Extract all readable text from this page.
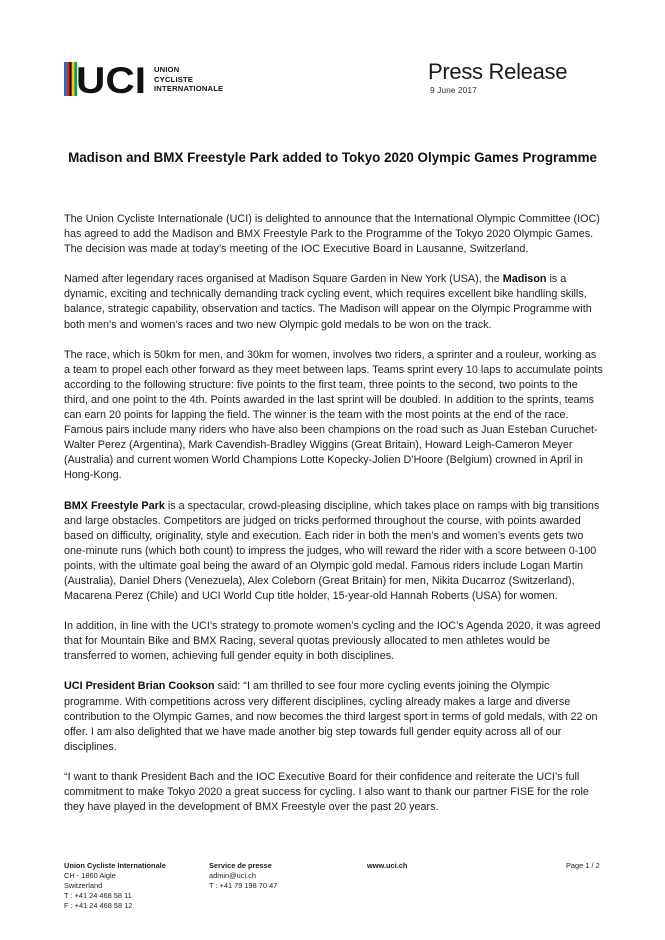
UCI UNION
CYCLISTE
INTERNATIONALE
Press Release
9 June 2017
Madison and BMX Freestyle Park added to Tokyo 2020 Olympic Games Programme

The Union Cycliste Internationale (UCI) is delighted to announce that the International Olympic Committee (IOC) has agreed to add the Madison and BMX Freestyle Park to the Programme of the Tokyo 2020 Olympic Games. The decision was made at today’s meeting of the IOC Executive Board in Lausanne, Switzerland.

Named after legendary races organised at Madison Square Garden in New York (USA), the Madison is a dynamic, exciting and technically demanding track cycling event, which requires excellent bike handling skills, balance, strategic capability, observation and tactics. The Madison will appear on the Olympic Programme with both men’s and women’s races and two new Olympic gold medals to be won on the track.

The race, which is 50km for men, and 30km for women, involves two riders, a sprinter and a rouleur, working as a team to propel each other forward as they meet between laps. Teams sprint every 10 laps to accumulate points according to the following structure: five points to the first team, three points to the second, two points to the third, and one point to the 4th. Points awarded in the last sprint will be doubled. In addition to the sprints, teams can earn 20 points for lapping the field. The winner is the team with the most points at the end of the race. Famous pairs include many riders who have also been champions on the road such as Juan Esteban Curuchet-Walter Perez (Argentina), Mark Cavendish-Bradley Wiggins (Great Britain), Howard Leigh-Cameron Meyer (Australia) and current women World Champions Lotte Kopecky-Jolien D’Hoore (Belgium) crowned in April in Hong-Kong.

BMX Freestyle Park is a spectacular, crowd-pleasing discipline, which takes place on ramps with big transitions and large obstacles. Competitors are judged on tricks performed throughout the course, with points awarded based on difficulty, originality, style and execution. Each rider in both the men’s and women’s events gets two one-minute runs (which both count) to impress the judges, who will reward the rider with a score between 0-100 points, with the ultimate goal being the award of an Olympic gold medal. Famous riders include Logan Martin (Australia), Daniel Dhers (Venezuela), Alex Coleborn (Great Britain) for men, Nikita Ducarroz (Switzerland), Macarena Perez (Chile) and UCI World Cup title holder, 15-year-old Hannah Roberts (USA) for women.

In addition, in line with the UCI’s strategy to promote women’s cycling and the IOC’s Agenda 2020, it was agreed that for Mountain Bike and BMX Racing, several quotas previously allocated to men athletes would be transferred to women, achieving full gender equity in both disciplines.

UCI President Brian Cookson said: “I am thrilled to see four more cycling events joining the Olympic programme. With competitions across very different disciplines, cycling already makes a large and diverse contribution to the Olympic Games, and now becomes the third largest sport in terms of gold medals, with 22 on offer. I am also delighted that we have made another big step towards full gender equity across all of our disciplines.

“I want to thank President Bach and the IOC Executive Board for their confidence and reiterate the UCI’s full commitment to make Tokyo 2020 a great success for cycling. I also want to thank our partner FISE for the role they have played in the development of BMX Freestyle over the past 20 years.

Union Cycliste Internationale
CH - 1860 Aigle
Switzerland
T : +41 24 468 58 11
F : +41 24 468 58 12
Service de presse
admin@uci.ch
T : +41 79 198 70 47
www.uci.ch	Page 1 / 2
